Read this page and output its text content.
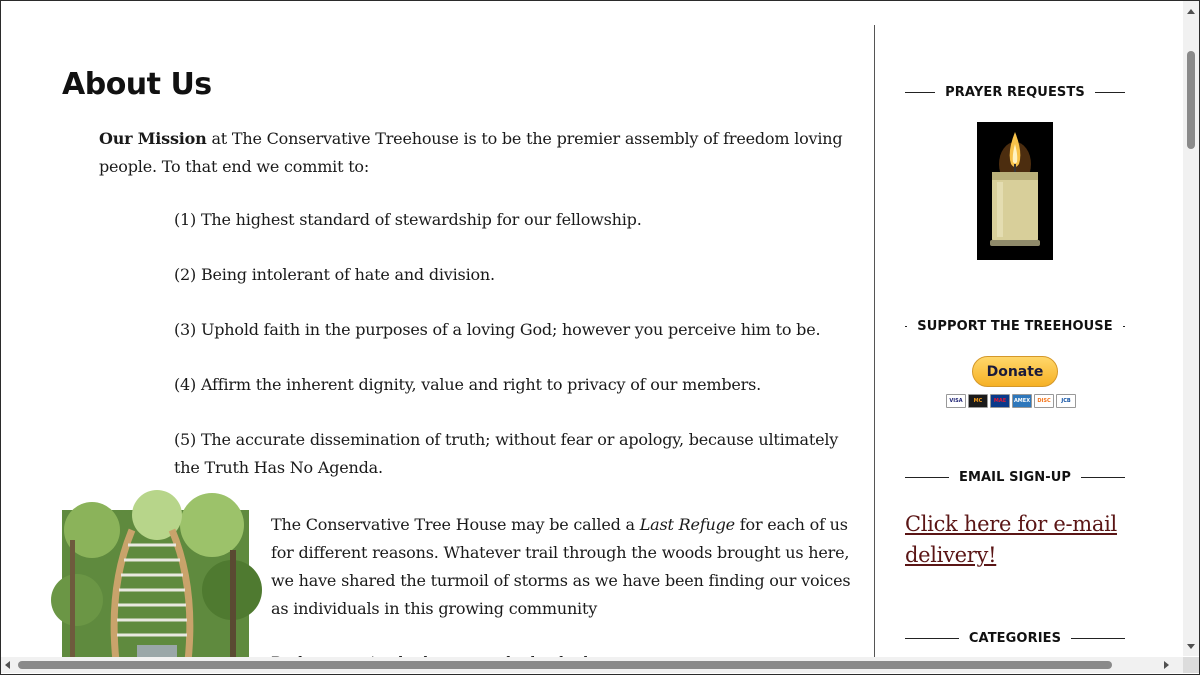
About Us

Our Mission at The Conservative Treehouse is to be the premier assembly of freedom loving people. To that end we commit to:

(1) The highest standard of stewardship for our fellowship.

(2) Being intolerant of hate and division.

(3) Uphold faith in the purposes of a loving God; however you perceive him to be.

(4) Affirm the inherent dignity, value and right to privacy of our members.

(5) The accurate dissemination of truth; without fear or apology, because ultimately the Truth Has No Agenda.

The Conservative Tree House may be called a Last Refuge for each of us for different reasons. Whatever trail through the woods brought us here, we have shared the turmoil of storms as we have been finding our voices as individuals in this growing community

PRAYER REQUESTS
SUPPORT THE TREEHOUSE
Donate
VISA	MC	MAE	AMEX	DISC	JCB
EMAIL SIGN-UP

Click here for e-mail delivery!

CATEGORIES
